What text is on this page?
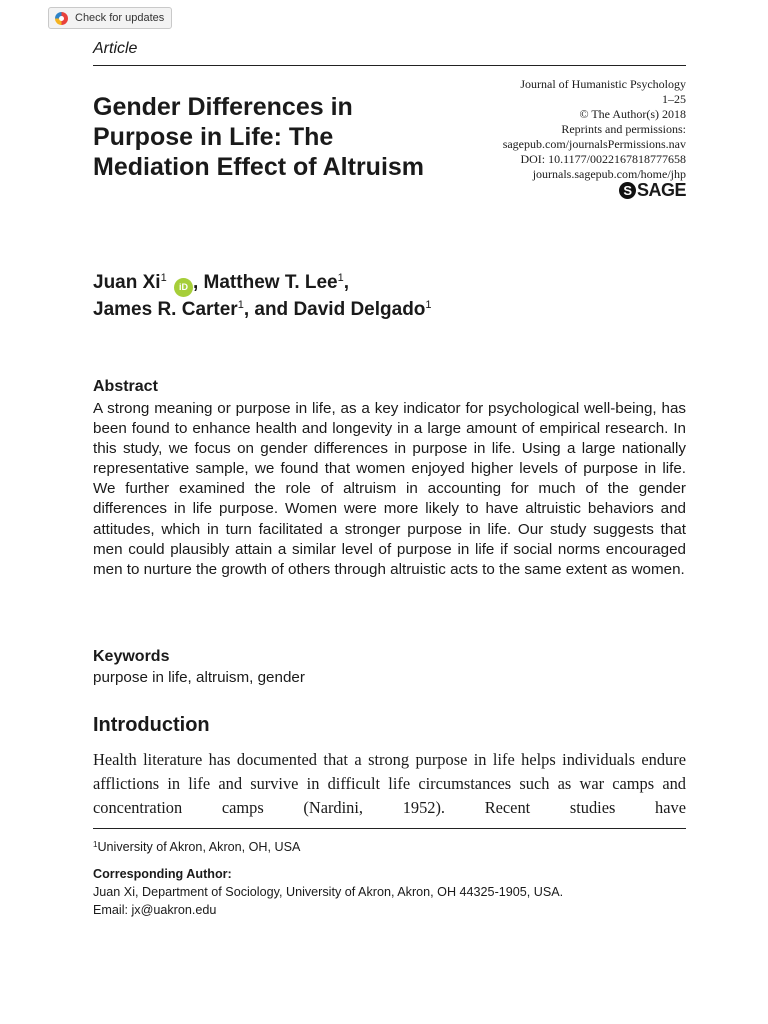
Check for updates
Article
Gender Differences in Purpose in Life: The Mediation Effect of Altruism
Journal of Humanistic Psychology
1–25
© The Author(s) 2018
Reprints and permissions:
sagepub.com/journalsPermissions.nav
DOI: 10.1177/0022167818777658
journals.sagepub.com/home/jhp
S SAGE
Juan Xi$^1$ iD , Matthew T. Lee$^1$,
James R. Carter$^1$, and David Delgado$^1$
Abstract

A strong meaning or purpose in life, as a key indicator for psychological well-being, has been found to enhance health and longevity in a large amount of empirical research. In this study, we focus on gender differences in purpose in life. Using a large nationally representative sample, we found that women enjoyed higher levels of purpose in life. We further examined the role of altruism in accounting for much of the gender differences in life purpose. Women were more likely to have altruistic behaviors and attitudes, which in turn facilitated a stronger purpose in life. Our study suggests that men could plausibly attain a similar level of purpose in life if social norms encouraged men to nurture the growth of others through altruistic acts to the same extent as women.

Keywords

purpose in life, altruism, gender

Introduction

Health literature has documented that a strong purpose in life helps individuals endure afflictions in life and survive in difficult life circumstances such as war camps and concentration camps (Nardini, 1952). Recent studies have

$^1$University of Akron, Akron, OH, USA
Corresponding Author:
Juan Xi, Department of Sociology, University of Akron, Akron, OH 44325-1905, USA.
Email: jx@uakron.edu
